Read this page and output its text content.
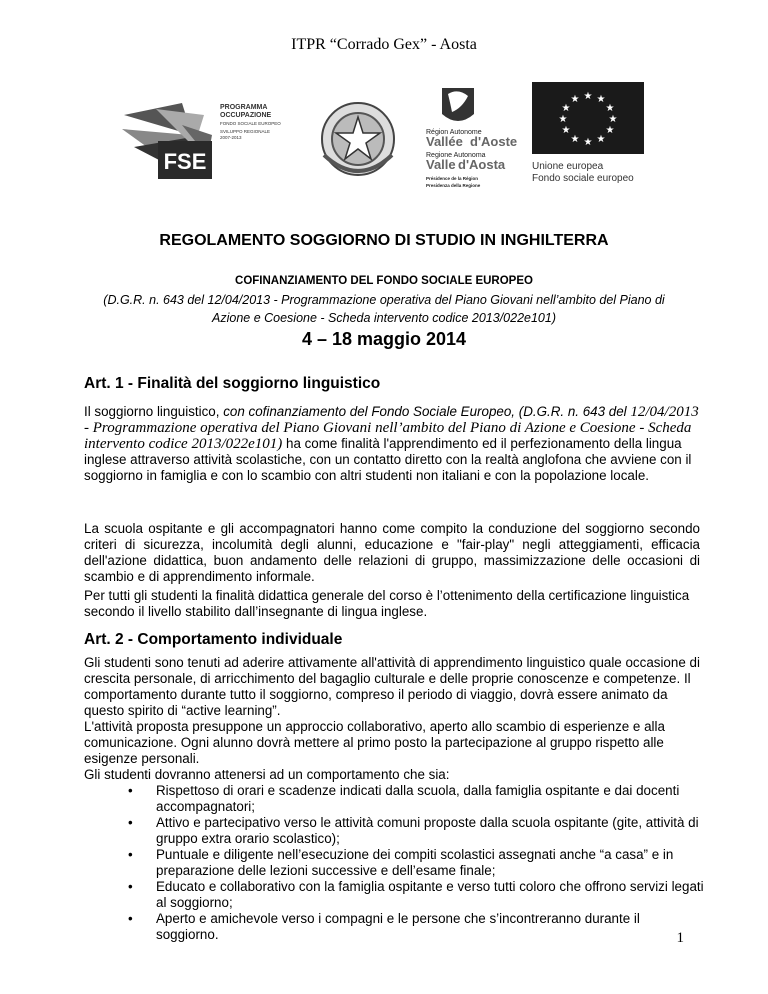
ITPR “Corrado Gex” - Aosta
FSE
PROGRAMMA
OCCUPAZIONE
FONDO SOCIALE EUROPEO
SVILUPPO REGIONALE
2007-2013
Région Autonome
Vallée d'Aoste
Regione Autonoma
Valle d'Aosta
Présidence de la Région
Presidenza della Regione
★ ★
★
★
★
★
★
★
★
★
★
★
Unione europea
Fondo sociale europeo
REGOLAMENTO SOGGIORNO DI STUDIO IN INGHILTERRA
COFINANZIAMENTO DEL FONDO SOCIALE EUROPEO
(D.G.R. n. 643 del 12/04/2013 - Programmazione operativa del Piano Giovani nell’ambito del Piano di
Azione e Coesione - Scheda intervento codice 2013/022e101)
4 – 18 maggio 2014
Art. 1 - Finalità del soggiorno linguistico
Il soggiorno linguistico, con cofinanziamento del Fondo Sociale Europeo, (D.G.R. n. 643 del 12/04/2013 - Programmazione operativa del Piano Giovani nell’ambito del Piano di Azione e Coesione - Scheda intervento codice 2013/022e101) ha come finalità l'apprendimento ed il perfezionamento della lingua inglese attraverso attività scolastiche, con un contatto diretto con la realtà anglofona che avviene con il soggiorno in famiglia e con lo scambio con altri studenti non italiani e con la popolazione locale.
La scuola ospitante e gli accompagnatori hanno come compito la conduzione del soggiorno secondo criteri di sicurezza, incolumità degli alunni, educazione e "fair-play" negli atteggiamenti, efficacia dell'azione didattica, buon andamento delle relazioni di gruppo, massimizzazione delle occasioni di scambio e di apprendimento informale.
Per tutti gli studenti la finalità didattica generale del corso è l’ottenimento della certificazione linguistica secondo il livello stabilito dall’insegnante di lingua inglese.
Art. 2 - Comportamento individuale
Gli studenti sono tenuti ad aderire attivamente all'attività di apprendimento linguistico quale occasione di crescita personale, di arricchimento del bagaglio culturale e delle proprie conoscenze e competenze. Il comportamento durante tutto il soggiorno, compreso il periodo di viaggio, dovrà essere animato da questo spirito di “active learning”.
L'attività proposta presuppone un approccio collaborativo, aperto allo scambio di esperienze e alla comunicazione. Ogni alunno dovrà mettere al primo posto la partecipazione al gruppo rispetto alle esigenze personali.
Gli studenti dovranno attenersi ad un comportamento che sia:
• Rispettoso di orari e scadenze indicati dalla scuola, dalla famiglia ospitante e dai docenti accompagnatori;
• Attivo e partecipativo verso le attività comuni proposte dalla scuola ospitante (gite, attività di gruppo extra orario scolastico);
• Puntuale e diligente nell’esecuzione dei compiti scolastici assegnati anche “a casa” e in preparazione delle lezioni successive e dell’esame finale;
• Educato e collaborativo con la famiglia ospitante e verso tutti coloro che offrono servizi legati al soggiorno;
• Aperto e amichevole verso i compagni e le persone che s’incontreranno durante il soggiorno.	1
